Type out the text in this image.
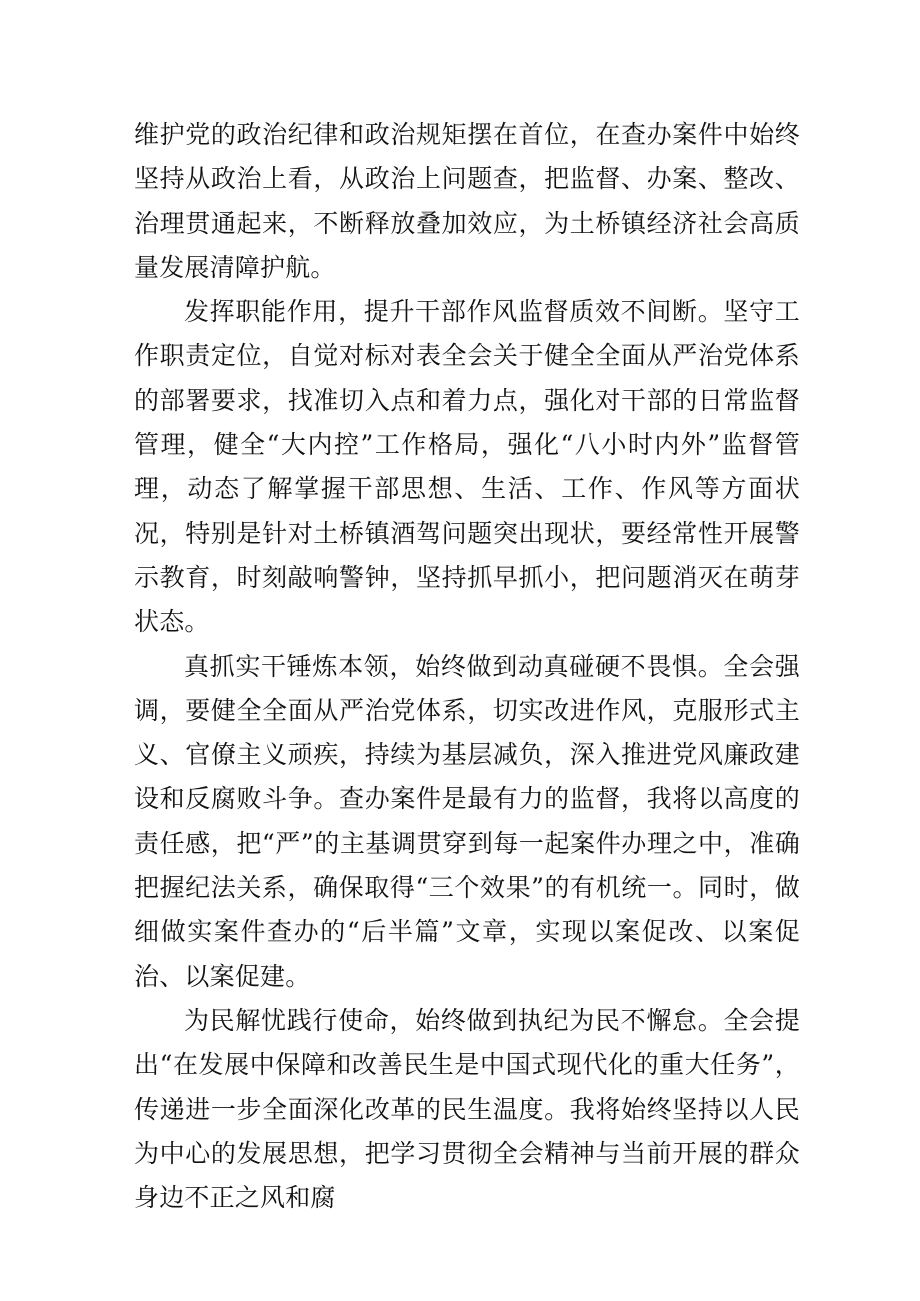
维护党的政治纪律和政治规矩摆在首位，在查办案件中始终坚持从政治上看，从政治上问题查，把监督、办案、整改、治理贯通起来，不断释放叠加效应，为土桥镇经济社会高质量发展清障护航。

发挥职能作用，提升干部作风监督质效不间断。坚守工作职责定位，自觉对标对表全会关于健全全面从严治党体系的部署要求，找准切入点和着力点，强化对干部的日常监督管理，健全“大内控”工作格局，强化“八小时内外”监督管理，动态了解掌握干部思想、生活、工作、作风等方面状况，特别是针对土桥镇酒驾问题突出现状，要经常性开展警示教育，时刻敲响警钟，坚持抓早抓小，把问题消灭在萌芽状态。

真抓实干锤炼本领，始终做到动真碰硬不畏惧。全会强调，要健全全面从严治党体系，切实改进作风，克服形式主义、官僚主义顽疾，持续为基层减负，深入推进党风廉政建设和反腐败斗争。查办案件是最有力的监督，我将以高度的责任感，把“严”的主基调贯穿到每一起案件办理之中，准确把握纪法关系，确保取得“三个效果”的有机统一。同时，做细做实案件查办的“后半篇”文章，实现以案促改、以案促治、以案促建。

为民解忧践行使命，始终做到执纪为民不懈怠。全会提出“在发展中保障和改善民生是中国式现代化的重大任务”，传递进一步全面深化改革的民生温度。我将始终坚持以人民为中心的发展思想，把学习贯彻全会精神与当前开展的群众身边不正之风和腐
